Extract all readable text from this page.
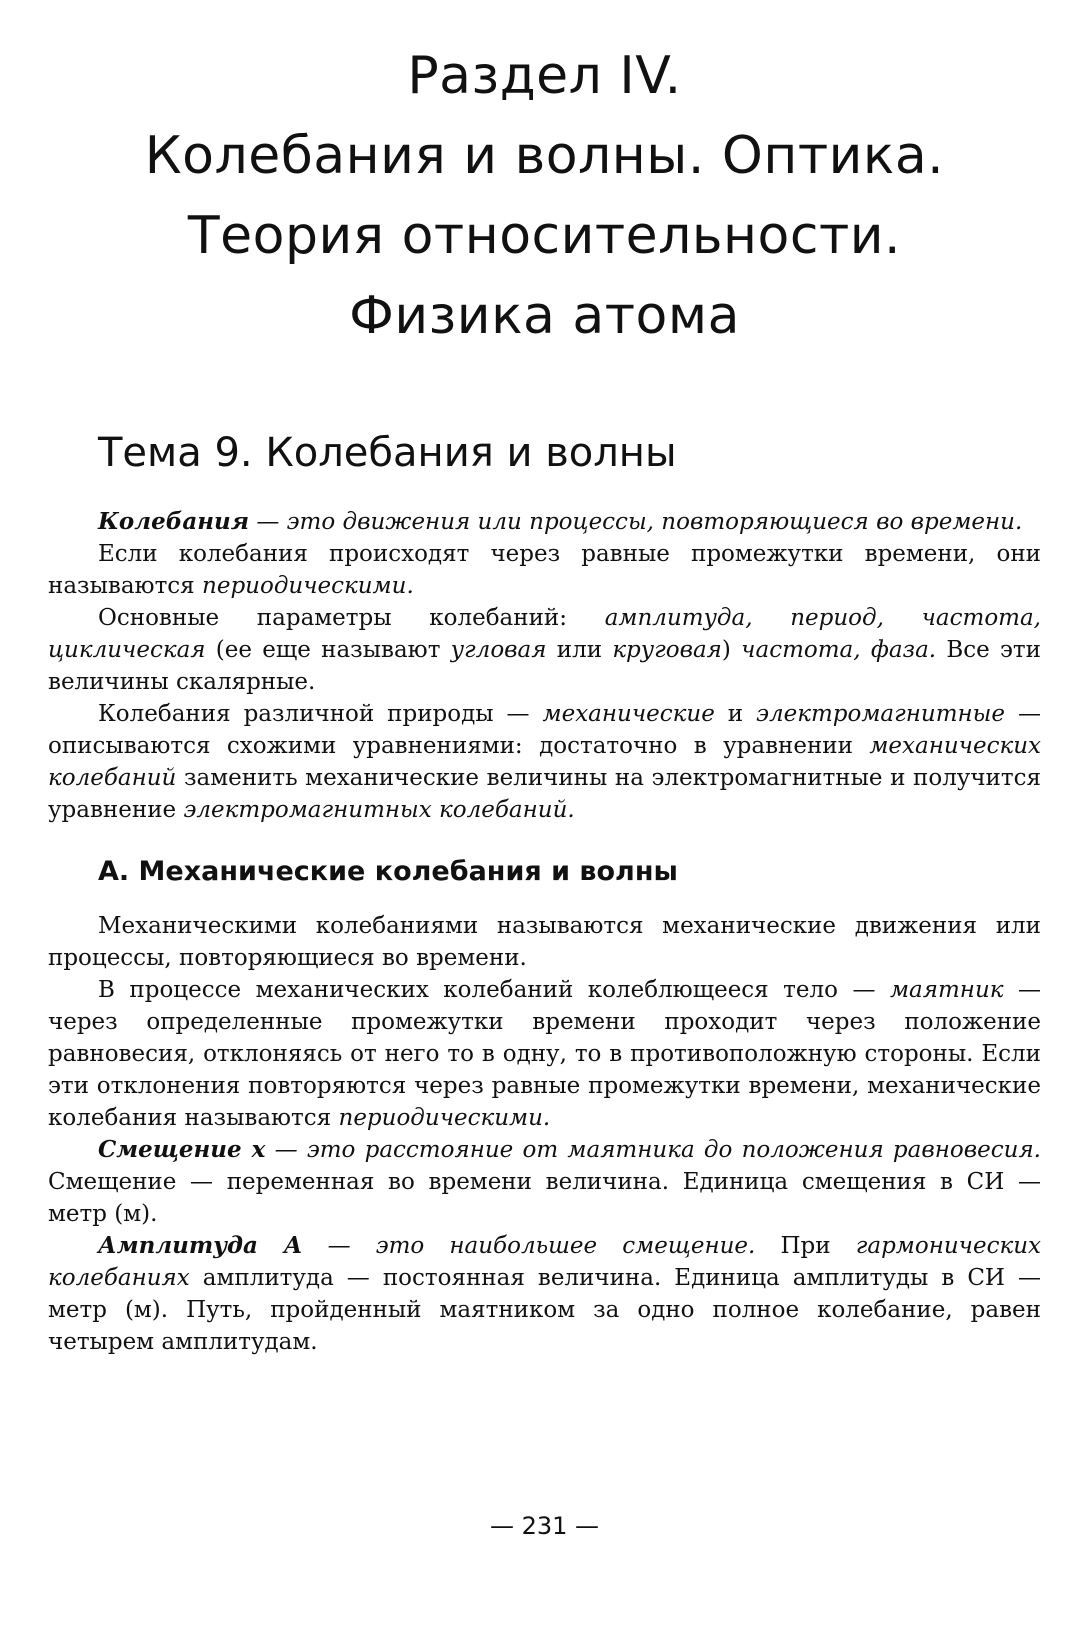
Раздел IV.
Колебания и волны. Оптика.
Теория относительности.
Физика атома
Тема 9. Колебания и волны

Колебания — это движения или процессы, повторяющиеся во времени.

Если колебания происходят через равные промежутки времени, они называются периодическими.

Основные параметры колебаний: амплитуда, период, частота, циклическая (ее еще называют угловая или круговая) частота, фаза. Все эти величины скалярные.

Колебания различной природы — механические и электромагнитные — описываются схожими уравнениями: достаточно в уравнении механических колебаний заменить механические величины на электромагнитные и получится уравнение электромагнитных колебаний.

А. Механические колебания и волны

Механическими колебаниями называются механические движения или процессы, повторяющиеся во времени.

В процессе механических колебаний колеблющееся тело — маятник — через определенные промежутки времени проходит через положение равновесия, отклоняясь от него то в одну, то в противоположную стороны. Если эти отклонения повторяются через равные промежутки времени, механические колебания называются периодическими.

Смещение x — это расстояние от маятника до положения равновесия. Смещение — переменная во времени величина. Единица смещения в СИ — метр (м).

Амплитуда А — это наибольшее смещение. При гармонических колебаниях амплитуда — постоянная величина. Единица амплитуды в СИ — метр (м). Путь, пройденный маятником за одно полное колебание, равен четырем амплитудам.

— 231 —
